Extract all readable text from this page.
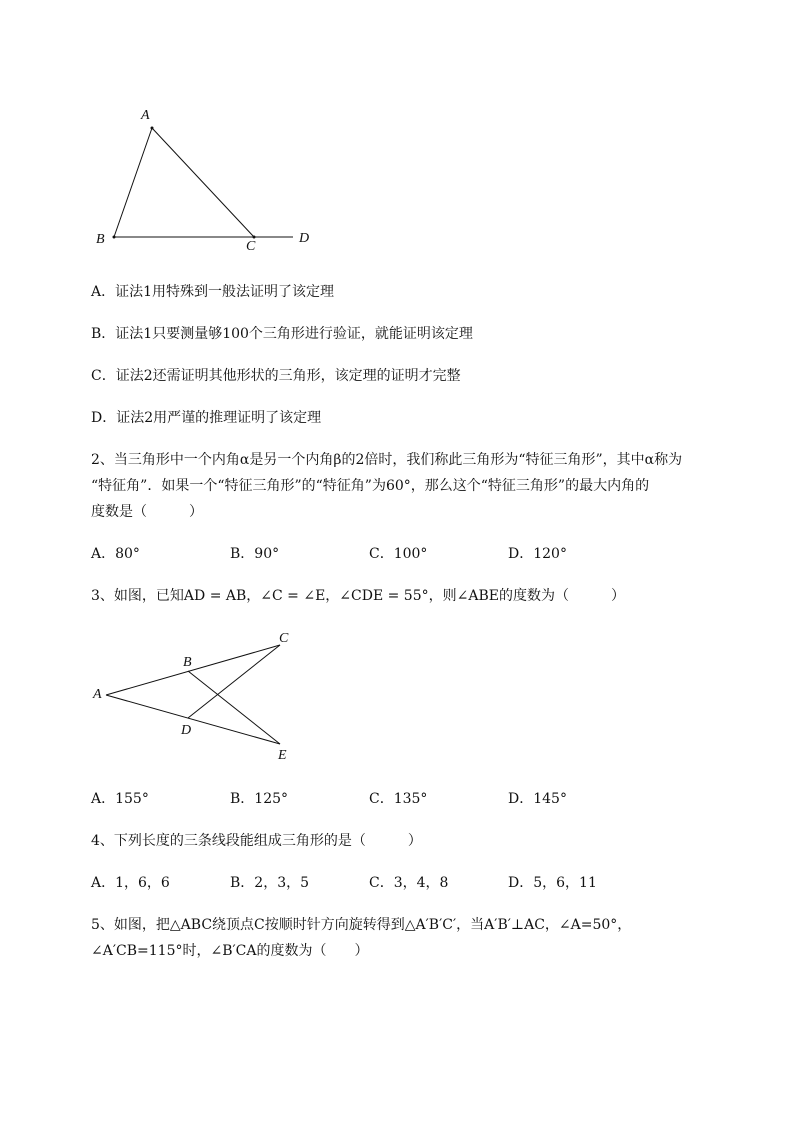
A
B	C
D
A．证法1用特殊到一般法证明了该定理
B．证法1只要测量够100个三角形进行验证，就能证明该定理
C．证法2还需证明其他形状的三角形，该定理的证明才完整
D．证法2用严谨的推理证明了该定理
2、当三角形中一个内角α是另一个内角β的2倍时，我们称此三角形为“特征三角形”，其中α称为
“特征角”．如果一个“特征三角形”的“特征角”为60°，那么这个“特征三角形”的最大内角的
度数是（　　　）
A．80°	B．90°	C．100°	D．120°
3、如图，已知AD = AB，∠C = ∠E，∠CDE = 55°，则∠ABE的度数为（　　　）
A
B
C
D
E
A．155°	B．125°	C．135°	D．145°
4、下列长度的三条线段能组成三角形的是（　　　）
A．1，6，6	B．2，3，5	C．3，4，8	D．5，6，11
5、如图，把△ABC绕顶点C按顺时针方向旋转得到△A′B′C′，当A′B′⊥AC，∠A=50°，
∠A′CB=115°时，∠B′CA的度数为（　　）
